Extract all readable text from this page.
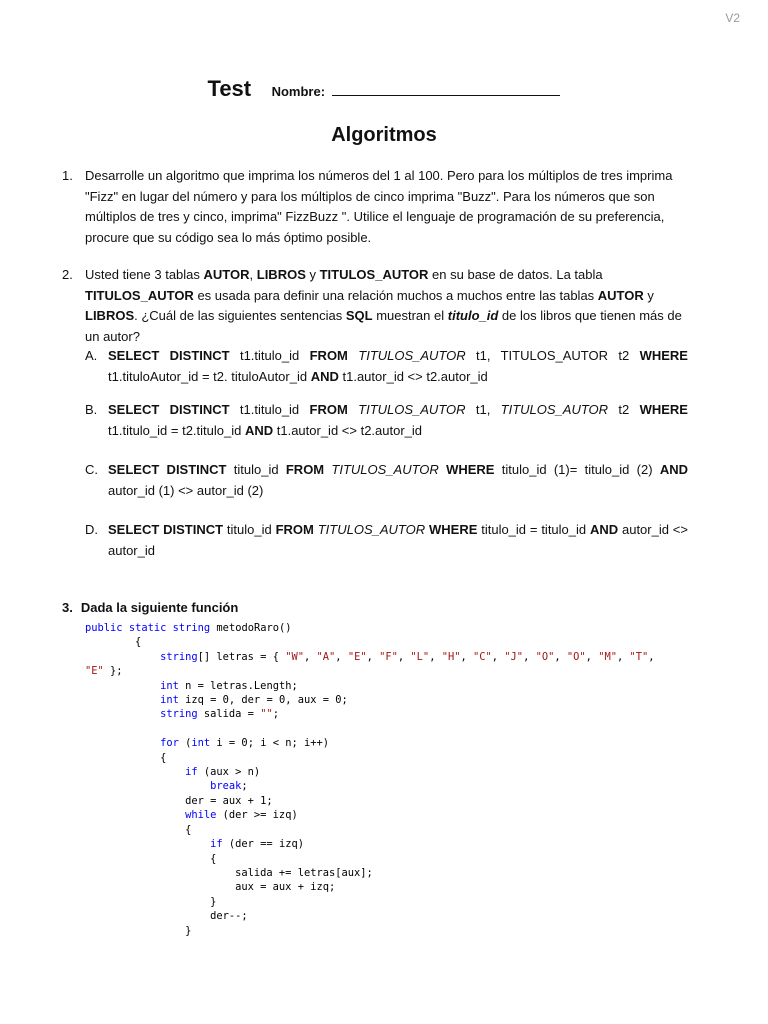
V2
Test Nombre:
Algoritmos
1. Desarrolle un algoritmo que imprima los números del 1 al 100. Pero para los múltiplos de tres imprima "Fizz" en lugar del número y para los múltiplos de cinco imprima "Buzz". Para los números que son múltiplos de tres y cinco, imprima" FizzBuzz ". Utilice el lenguaje de programación de su preferencia, procure que su código sea lo más óptimo posible.
2. Usted tiene 3 tablas AUTOR, LIBROS y TITULOS_AUTOR en su base de datos. La tabla TITULOS_AUTOR es usada para definir una relación muchos a muchos entre las tablas AUTOR y LIBROS. ¿Cuál de las siguientes sentencias SQL muestran el titulo_id de los libros que tienen más de un autor?
A. SELECT DISTINCT t1.titulo_id FROM TITULOS_AUTOR t1, TITULOS_AUTOR t2 WHERE t1.tituloAutor_id = t2. tituloAutor_id AND t1.autor_id <> t2.autor_id
B. SELECT DISTINCT t1.titulo_id FROM TITULOS_AUTOR t1, TITULOS_AUTOR t2 WHERE t1.titulo_id = t2.titulo_id AND t1.autor_id <> t2.autor_id
C. SELECT DISTINCT titulo_id FROM TITULOS_AUTOR WHERE titulo_id (1)= titulo_id (2) AND autor_id (1) <> autor_id (2)
D. SELECT DISTINCT titulo_id FROM TITULOS_AUTOR WHERE titulo_id = titulo_id AND autor_id <> autor_id
3. Dada la siguiente función
public static string metodoRaro()
{
string[] letras = { "W", "A", "E", "F", "L", "H", "C", "J", "O", "O", "M", "T",
"E" };
int n = letras.Length;
int izq = 0, der = 0, aux = 0;
string salida = "";

for (int i = 0; i < n; i++)
{
if (aux > n)
break;
der = aux + 1;
while (der >= izq)
{
if (der == izq)
{
salida += letras[aux];
aux = aux + izq;
}
der--;
}
